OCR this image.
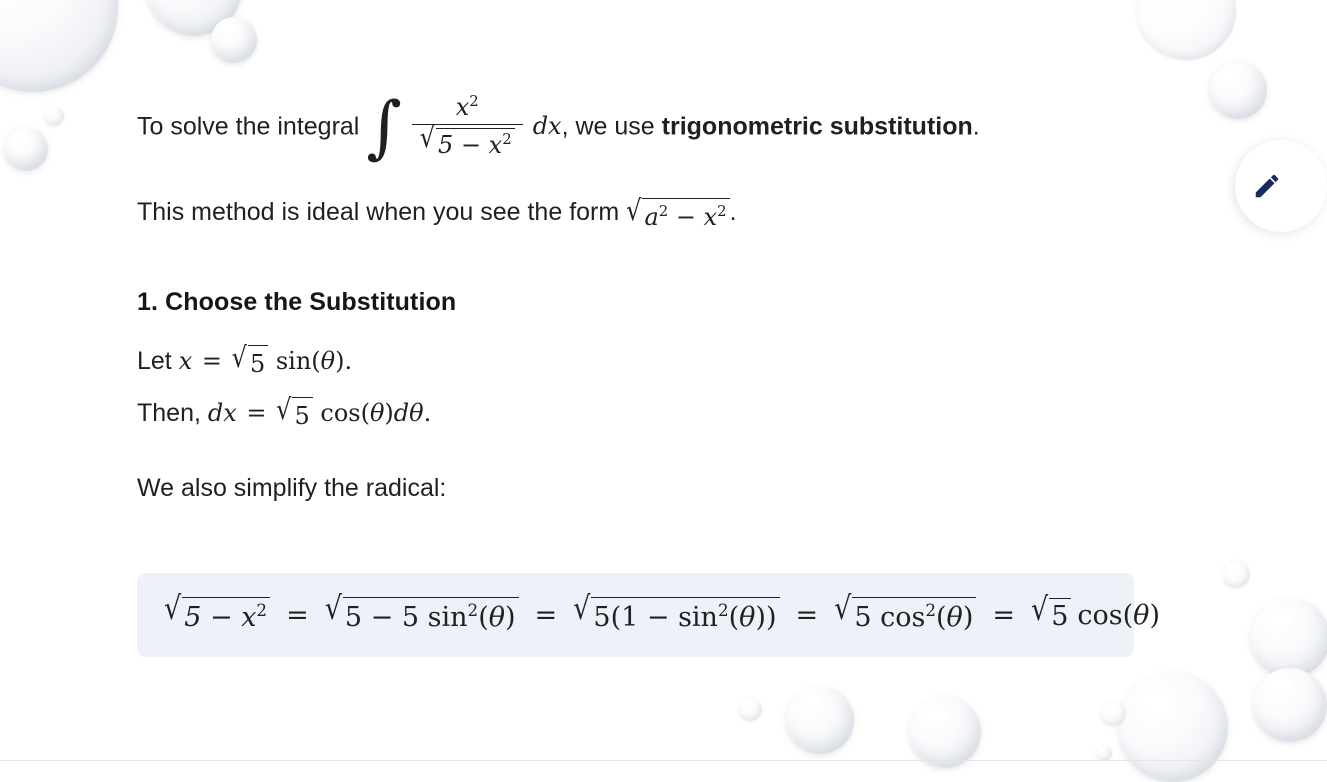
To solve the integral ∫ $\frac{x^2}{√ 5 - x^2}$ dx , we use trigonometric substitution.
This method is ideal when you see the form √ $a^2 - x^2$ .
1. Choose the Substitution
Let x = √ 5 sin(θ).
Then, dx = √ 5 cos(θ)dθ.
We also simplify the radical:
√ $5 - x^2$ = √ 5 − 5 $\sin^2(\theta)$ = √ $5(1 - \sin^2(\theta))$ = √ 5 $\cos^2(\theta)$ = √ 5 cos(θ)
